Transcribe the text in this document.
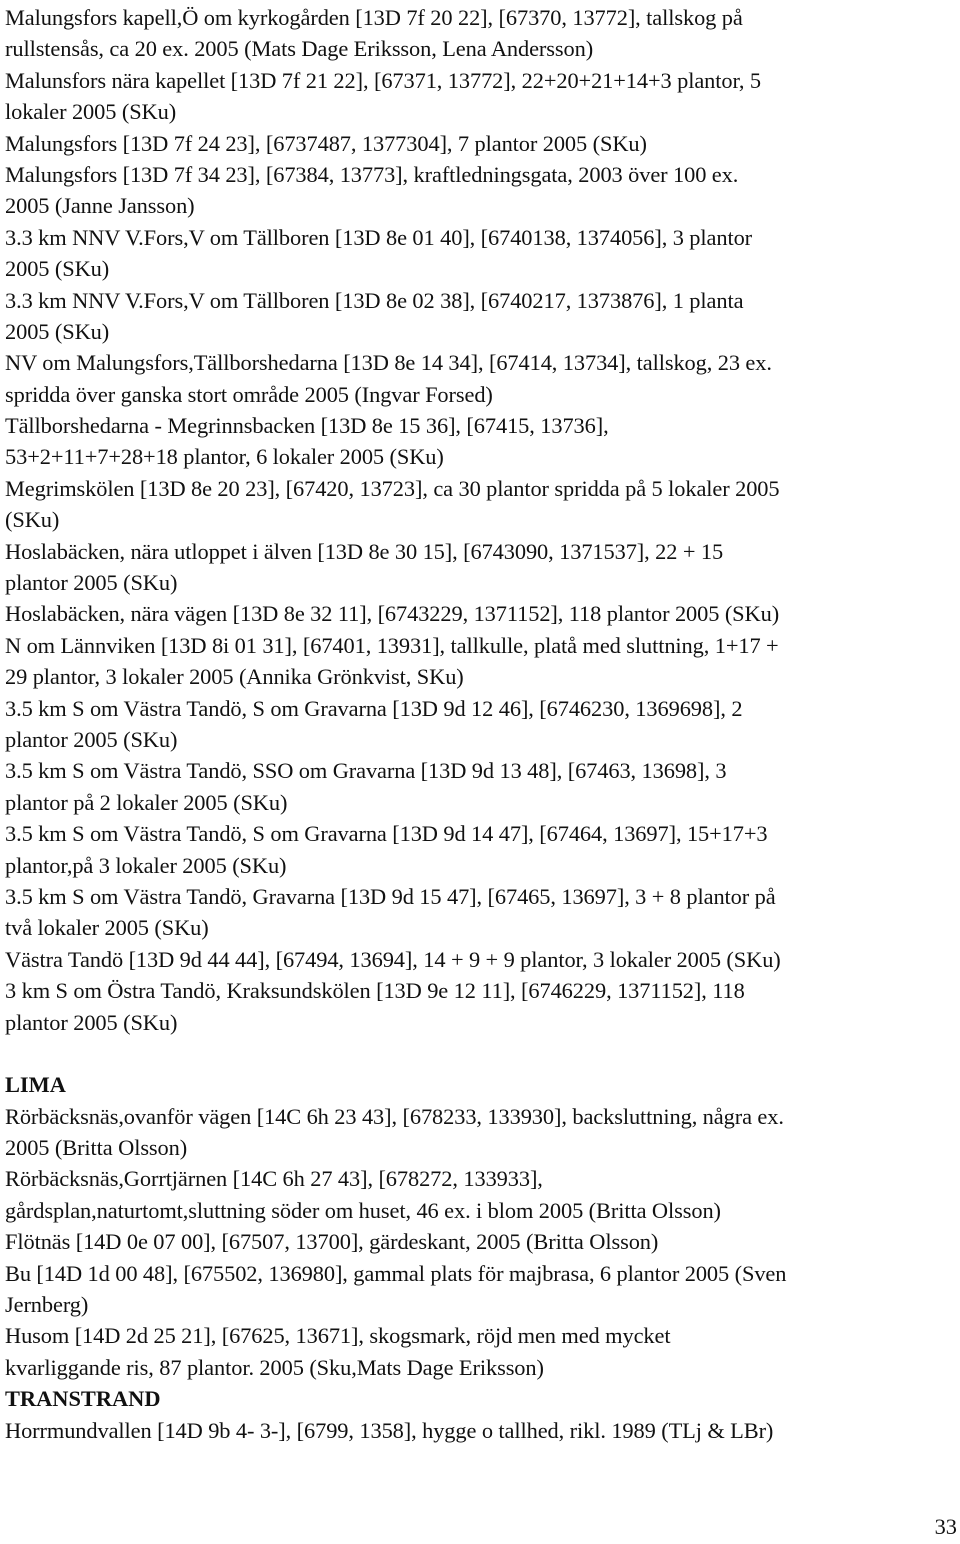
Malungsfors kapell,Ö om kyrkogården [13D 7f 20 22], [67370, 13772], tallskog på
rullstensås, ca 20 ex. 2005 (Mats Dage Eriksson, Lena Andersson)
Malunsfors nära kapellet [13D 7f 21 22], [67371, 13772], 22+20+21+14+3 plantor, 5
lokaler 2005 (SKu)
Malungsfors [13D 7f 24 23], [6737487, 1377304], 7 plantor 2005 (SKu)
Malungsfors [13D 7f 34 23], [67384, 13773], kraftledningsgata, 2003 över 100 ex.
2005 (Janne Jansson)
3.3 km NNV V.Fors,V om Tällboren [13D 8e 01 40], [6740138, 1374056], 3 plantor
2005 (SKu)
3.3 km NNV V.Fors,V om Tällboren [13D 8e 02 38], [6740217, 1373876], 1 planta
2005 (SKu)
NV om Malungsfors,Tällborshedarna [13D 8e 14 34], [67414, 13734], tallskog, 23 ex.
spridda över ganska stort område 2005 (Ingvar Forsed)
Tällborshedarna - Megrinnsbacken [13D 8e 15 36], [67415, 13736],
53+2+11+7+28+18 plantor, 6 lokaler 2005 (SKu)
Megrimskölen [13D 8e 20 23], [67420, 13723], ca 30 plantor spridda på 5 lokaler 2005
(SKu)
Hoslabäcken, nära utloppet i älven [13D 8e 30 15], [6743090, 1371537], 22 + 15
plantor 2005 (SKu)
Hoslabäcken, nära vägen [13D 8e 32 11], [6743229, 1371152], 118 plantor 2005 (SKu)
N om Lännviken [13D 8i 01 31], [67401, 13931], tallkulle, platå med sluttning, 1+17 +
29 plantor, 3 lokaler 2005 (Annika Grönkvist, SKu)
3.5 km S om Västra Tandö, S om Gravarna [13D 9d 12 46], [6746230, 1369698], 2
plantor 2005 (SKu)
3.5 km S om Västra Tandö, SSO om Gravarna [13D 9d 13 48], [67463, 13698], 3
plantor på 2 lokaler 2005 (SKu)
3.5 km S om Västra Tandö, S om Gravarna [13D 9d 14 47], [67464, 13697], 15+17+3
plantor,på 3 lokaler 2005 (SKu)
3.5 km S om Västra Tandö, Gravarna [13D 9d 15 47], [67465, 13697], 3 + 8 plantor på
två lokaler 2005 (SKu)
Västra Tandö [13D 9d 44 44], [67494, 13694], 14 + 9 + 9 plantor, 3 lokaler 2005 (SKu)
3 km S om Östra Tandö, Kraksundskölen [13D 9e 12 11], [6746229, 1371152], 118
plantor 2005 (SKu)
LIMA
Rörbäcksnäs,ovanför vägen [14C 6h 23 43], [678233, 133930], backsluttning, några ex.
2005 (Britta Olsson)
Rörbäcksnäs,Gorrtjärnen [14C 6h 27 43], [678272, 133933],
gårdsplan,naturtomt,sluttning söder om huset, 46 ex. i blom 2005 (Britta Olsson)
Flötnäs [14D 0e 07 00], [67507, 13700], gärdeskant, 2005 (Britta Olsson)
Bu [14D 1d 00 48], [675502, 136980], gammal plats för majbrasa, 6 plantor 2005 (Sven
Jernberg)
Husom [14D 2d 25 21], [67625, 13671], skogsmark, röjd men med mycket
kvarliggande ris, 87 plantor. 2005 (Sku,Mats Dage Eriksson)
TRANSTRAND
Horrmundvallen [14D 9b 4- 3-], [6799, 1358], hygge o tallhed, rikl. 1989 (TLj & LBr)
33
